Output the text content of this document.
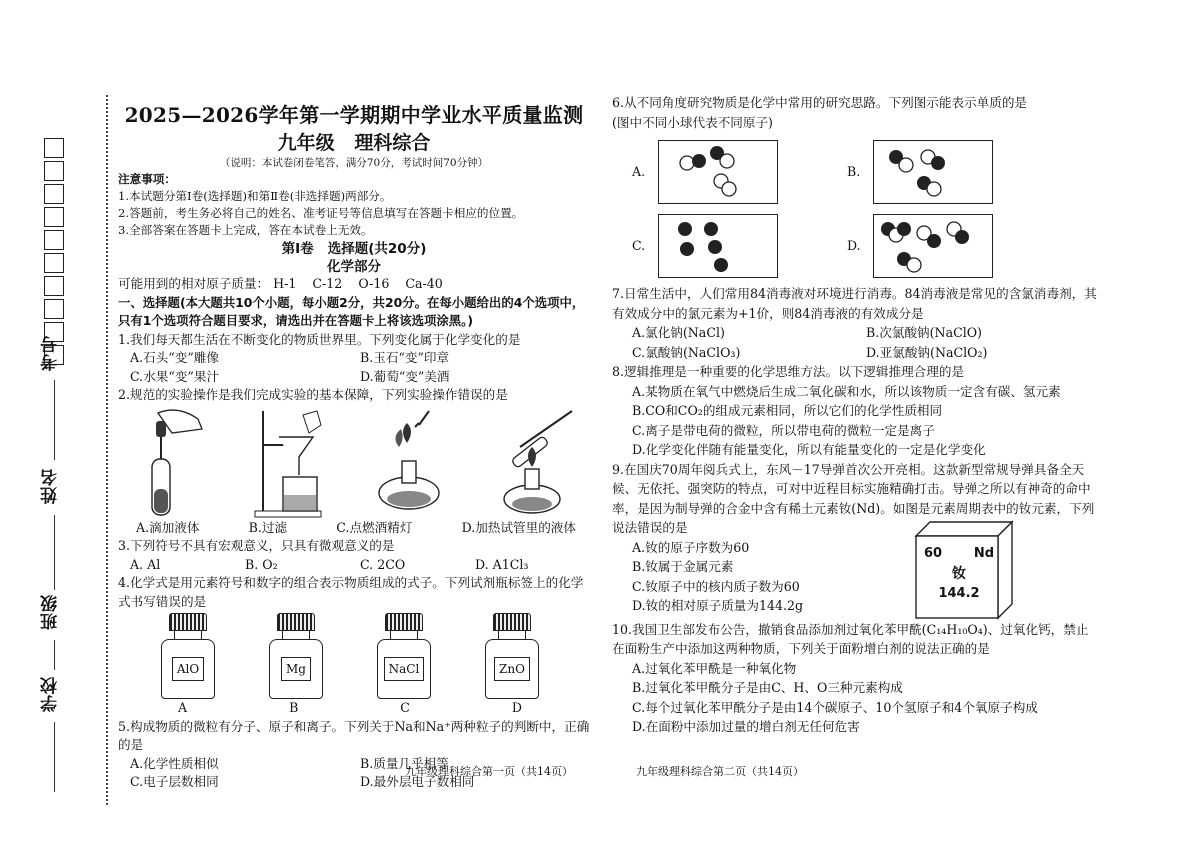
考号
姓名
班级
学校
2025—2026学年第一学期期中学业水平质量监测
九年级   理科综合
（说明：本试卷闭卷笔答，满分70分，考试时间70分钟）
注意事项：
1.本试题分第Ⅰ卷(选择题)和第Ⅱ卷(非选择题)两部分。
2.答题前，考生务必将自己的姓名、准考证号等信息填写在答题卡相应的位置。
3.全部答案在答题卡上完成，答在本试卷上无效。
第Ⅰ卷   选择题(共20分)
化学部分
可能用到的相对原子质量： H-1    C-12    O-16    Ca-40
一、选择题(本大题共10个小题，每小题2分，共20分。在每小题给出的4个选项中，只有1个选项符合题目要求，请选出并在答题卡上将该选项涂黑。)
1.我们每天都生活在不断变化的物质世界里。下列变化属于化学变化的是
A.石头“变”雕像	B.玉石“变”印章
C.水果“变”果汁	D.葡萄“变”美酒
2.规范的实验操作是我们完成实验的基本保障，下列实验操作错误的是
A.滴加液体	B.过滤	C.点燃酒精灯	D.加热试管里的液体
3.下列符号不具有宏观意义，只具有微观意义的是
A. Al	B. O₂	C. 2CO	D. A1Cl₃
4.化学式是用元素符号和数字的组合表示物质组成的式子。下列试剂瓶标签上的化学式书写错误的是
AlO	Mg	NaCl	ZnO
A	B	C	D
5.构成物质的微粒有分子、原子和离子。下列关于Na和Na⁺两种粒子的判断中，正确的是
A.化学性质相似	B.质量几乎相等
C.电子层数相同	D.最外层电子数相同
6.从不同角度研究物质是化学中常用的研究思路。下列图示能表示单质的是
(图中不同小球代表不同原子)
A.	B.
C.	D.
7.日常生活中，人们常用84消毒液对环境进行消毒。84消毒液是常见的含氯消毒剂，其有效成分中的氯元素为+1价，则84消毒液的有效成分是
A.氯化钠(NaCl)	B.次氯酸钠(NaClO)
C.氯酸钠(NaClO₃)	D.亚氯酸钠(NaClO₂)
8.逻辑推理是一种重要的化学思维方法。以下逻辑推理合理的是
A.某物质在氧气中燃烧后生成二氧化碳和水，所以该物质一定含有碳、氢元素
B.CO和CO₂的组成元素相同，所以它们的化学性质相同
C.离子是带电荷的微粒，所以带电荷的微粒一定是离子
D.化学变化伴随有能量变化，所以有能量变化的一定是化学变化
9.在国庆70周年阅兵式上，东风－17导弹首次公开亮相。这款新型常规导弹具备全天候、无依托、强突防的特点，可对中近程目标实施精确打击。导弹之所以有神奇的命中率，是因为制导弹的合金中含有稀土元素钕(Nd)。如图是元素周期表中的钕元素，下列说法错误的是
A.钕的原子序数为60
B.钕属于金属元素
C.钕原子中的核内质子数为60
D.钕的相对原子质量为144.2g
60 Nd
钕
144.2
10.我国卫生部发布公告，撤销食品添加剂过氧化苯甲酰(C₁₄H₁₀O₄)、过氧化钙，禁止在面粉生产中添加这两种物质，下列关于面粉增白剂的说法正确的是
A.过氧化苯甲酰是一种氧化物
B.过氧化苯甲酰分子是由C、H、O三种元素构成
C.每个过氧化苯甲酰分子是由14个碳原子、10个氢原子和4个氧原子构成
D.在面粉中添加过量的增白剂无任何危害
九年级理科综合第一页（共14页）	九年级理科综合第二页（共14页）
